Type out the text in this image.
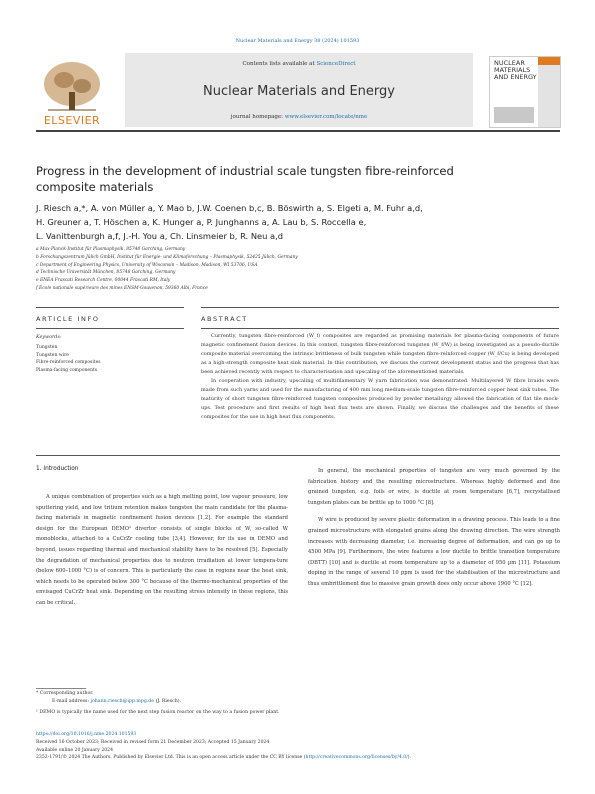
Nuclear Materials and Energy 38 (2024) 101593
ELSEVIER
Contents lists available at ScienceDirect
Nuclear Materials and Energy
journal homepage: www.elsevier.com/locate/nme
NUCLEAR MATERIALS AND ENERGY
Progress in the development of industrial scale tungsten fibre-reinforced
composite materials
J. Riesch a,*, A. von Müller a, Y. Mao b, J.W. Coenen b,c, B. Böswirth a, S. Elgeti a, M. Fuhr a,d,
H. Greuner a, T. Höschen a, K. Hunger a, P. Junghanns a, A. Lau b, S. Roccella e,
L. Vanittenburgh a,f, J.-H. You a, Ch. Linsmeier b, R. Neu a,d
a Max-Planck-Institut für Plasmaphysik, 85748 Garching, Germany
b Forschungszentrum Jülich GmbH, Institut für Energie- und Klimaforschung – Plasmaphysik, 52425 Jülich, Germany
c Department of Engineering Physics, University of Wisconsin – Madison, Madison, WI 53706, USA
d Technische Universität München, 85748 Garching, Germany
e ENEA Frascati Research Centre, 00044 Frascati RM, Italy
f École nationale supérieure des mines ENSM-Gouvenon, 59360 Albi, France
ARTICLE INFO	ABSTRACT
Keywords:
Tungsten
Tungsten wire
Fibre-reinforced composites
Plasma-facing components

Currently, tungsten fibre-reinforced (W_f) composites are regarded as promising materials for plasma-facing components of future magnetic confinement fusion devices. In this context, tungsten fibre-reinforced tungsten (W_f/W) is being investigated as a pseudo-ductile composite material overcoming the intrinsic brittleness of bulk tungsten while tungsten fibre-reinforced copper (W_f/Cu) is being developed as a high-strength composite heat sink material. In this contribution, we discuss the current development status and the progress that has been achieved recently with respect to characterisation and upscaling of the aforementioned materials.

In cooperation with industry, upscaling of multifilamentary W yarn fabrication was demonstrated. Multilayered W fibre braids were made from such yarns and used for the manufacturing of 400 mm long medium-scale tungsten fibre-reinforced copper heat sink tubes. The maturity of short tungsten fibre-reinforced tungsten composites produced by powder metallurgy allowed the fabrication of flat tile mock-ups. Test procedure and first results of high heat flux tests are shown. Finally, we discuss the challenges and the benefits of these composites for the use in high heat flux components.

1. Introduction

A unique combination of properties such as a high melting point, low vapour pressure, low sputtering yield, and low tritium retention makes tungsten the main candidate for the plasma-facing materials in magnetic confinement fusion devices [1,2]. For example the standard design for the European DEMO¹ divertor consists of single blocks of W, so-called W monoblocks, attached to a CuCrZr cooling tube [3,4]. However, for its use in DEMO and beyond, issues regarding thermal and mechanical stability have to be resolved [5]. Especially the degradation of mechanical properties due to neutron irradiation at lower tempera-ture (below 600–1000 °C) is of concern. This is particularly the case in regions near the heat sink, which needs to be operated below 300 °C because of the thermo-mechanical properties of the envisaged CuCrZr heat sink. Depending on the resulting stress intensity in these regions, this can be critical.

In general, the mechanical properties of tungsten are very much governed by the fabrication history and the resulting microstructure. Whereas highly deformed and fine grained tungsten, e.g. foils or wire, is ductile at room temperature [6,7], recrystallised tungsten plates can be brittle up to 1000 °C [8].

W wire is produced by severe plastic deformation in a drawing process. This leads to a fine grained microstructure with elongated grains along the drawing direction. The wire strength increases with decreasing diameter, i.e. increasing degree of deformation, and can go up to 4500 MPa [9]. Furthermore, the wire features a low ductile to brittle transition temperature (DBTT) [10] and is ductile at room temperature up to a diameter of 950 µm [11]. Potassium doping in the range of several 10 ppm is used for the stabilisation of the microstructure and thus embrittlement due to massive grain growth does only occur above 1900 °C [12].

* Corresponding author.
E-mail address: johann.riesch@ipp.mpg.de (J. Riesch).
¹ DEMO is typically the name used for the next step fusion reactor on the way to a fusion power plant.
https://doi.org/10.1016/j.nme.2024.101593
Received 16 October 2023; Received in revised form 21 December 2023; Accepted 15 January 2024
Available online 20 January 2024
2352-1791/© 2024 The Authors. Published by Elsevier Ltd. This is an open access article under the CC BY license (http://creativecommons.org/licenses/by/4.0/).
